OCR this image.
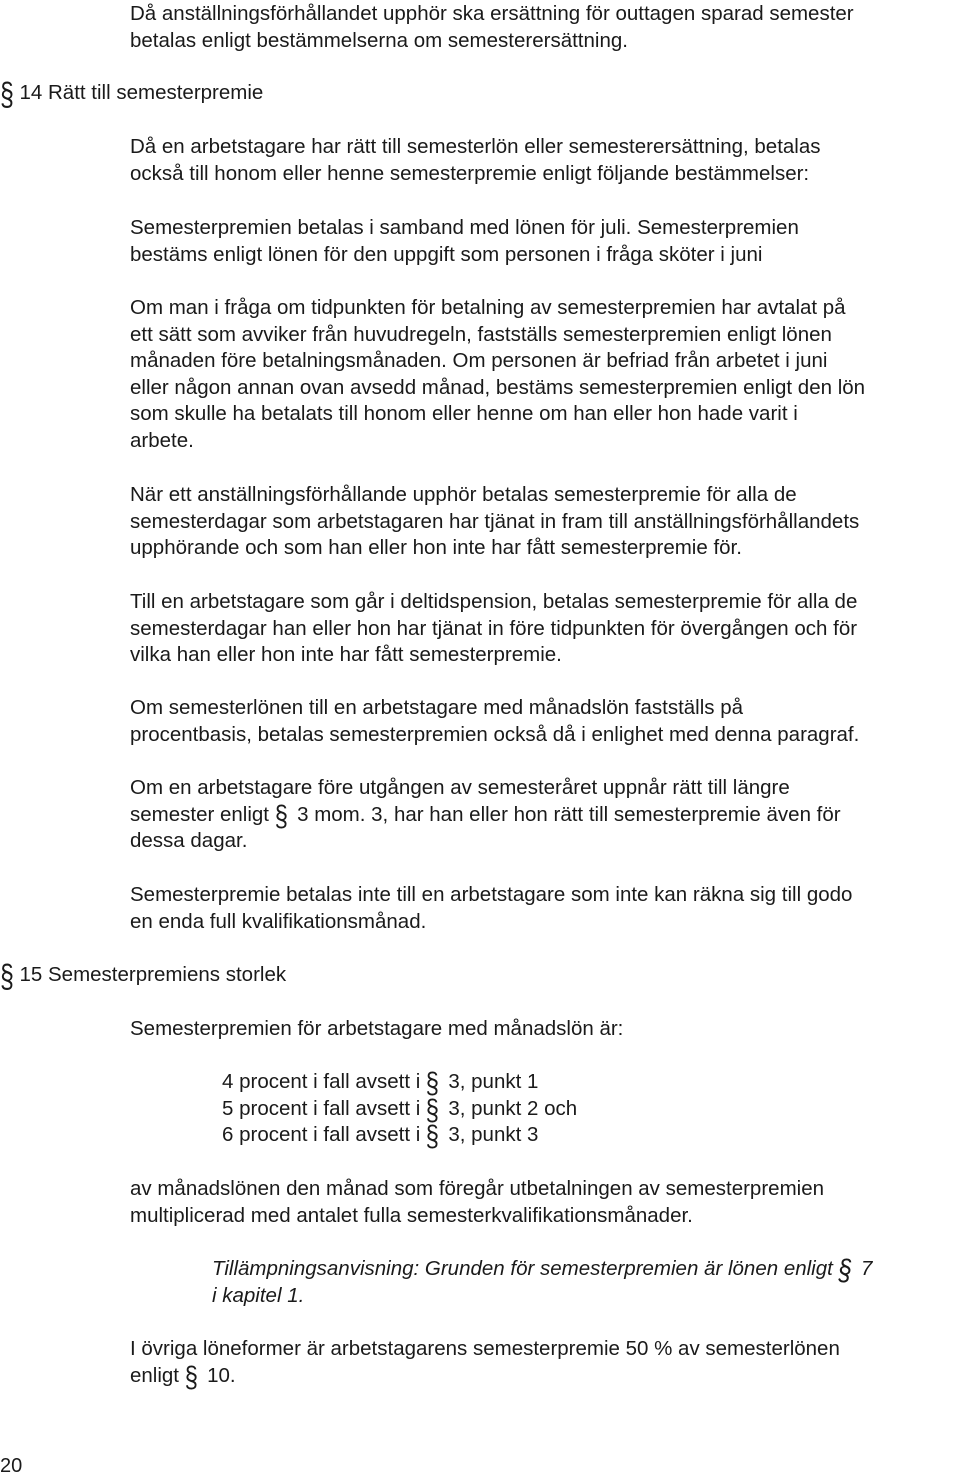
Då anställningsförhållandet upphör ska ersättning för outtagen sparad semester
betalas enligt bestämmelserna om semesterersättning.

§ 14 Rätt till semesterpremie

Då en arbetstagare har rätt till semesterlön eller semesterersättning, betalas
också till honom eller henne semesterpremie enligt följande bestämmelser:

Semesterpremien betalas i samband med lönen för juli. Semesterpremien
bestäms enligt lönen för den uppgift som personen i fråga sköter i juni

Om man i fråga om tidpunkten för betalning av semesterpremien har avtalat på
ett sätt som avviker från huvudregeln, fastställs semesterpremien enligt lönen
månaden före betalningsmånaden. Om personen är befriad från arbetet i juni
eller någon annan ovan avsedd månad, bestäms semesterpremien enligt den lön
som skulle ha betalats till honom eller henne om han eller hon hade varit i
arbete.

När ett anställningsförhållande upphör betalas semesterpremie för alla de
semesterdagar som arbetstagaren har tjänat in fram till anställningsförhållandets
upphörande och som han eller hon inte har fått semesterpremie för.

Till en arbetstagare som går i deltidspension, betalas semesterpremie för alla de
semesterdagar han eller hon har tjänat in före tidpunkten för övergången och för
vilka han eller hon inte har fått semesterpremie.

Om semesterlönen till en arbetstagare med månadslön fastställs på
procentbasis, betalas semesterpremien också då i enlighet med denna paragraf.

Om en arbetstagare före utgången av semesteråret uppnår rätt till längre
semester enligt § 3 mom. 3, har han eller hon rätt till semesterpremie även för
dessa dagar.

Semesterpremie betalas inte till en arbetstagare som inte kan räkna sig till godo
en enda full kvalifikationsmånad.

§ 15 Semesterpremiens storlek

Semesterpremien för arbetstagare med månadslön är:

4 procent i fall avsett i § 3, punkt 1
5 procent i fall avsett i § 3, punkt 2 och
6 procent i fall avsett i § 3, punkt 3

av månadslönen den månad som föregår utbetalningen av semesterpremien
multiplicerad med antalet fulla semesterkvalifikationsmånader.

Tillämpningsanvisning: Grunden för semesterpremien är lönen enligt § 7
i kapitel 1.

I övriga löneformer är arbetstagarens semesterpremie 50 % av semesterlönen
enligt § 10.

20
